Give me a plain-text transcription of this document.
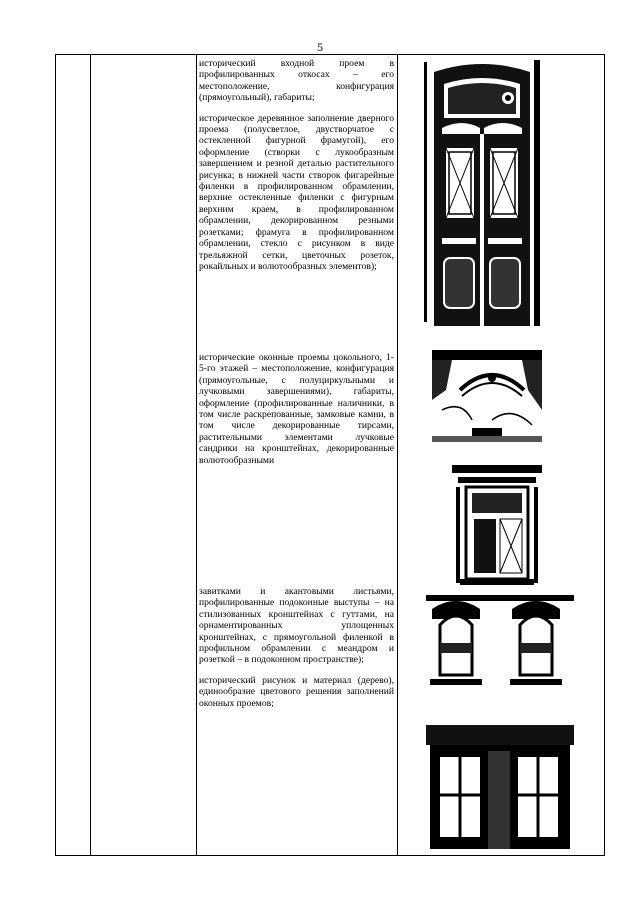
5

исторический входной проем в профилированных откосах – его местоположение, конфигурация (прямоугольный), габариты;

историческое деревянное заполнение дверного проема (полусветлое, двустворчатое с остекленной фигурной фрамугой), его оформление (створки с лукообразным завершением и резной деталью растительного рисунка; в нижней части створок фигарейные филенки в профилированном обрамлении, верхние остекленные филенки с фигурным верхним краем, в профилированном обрамлении, декорированном резными розетками; фрамуга в профилированном обрамлении, стекло с рисунком в виде трельяжной сетки, цветочных розеток, рокайльных и волютообразных элементов);

исторические оконные проемы цокольного, 1-5-го этажей – местоположение, конфигурация (прямоугольные, с полуциркульными и лучковыми завершениями), габариты, оформление (профилированные наличники, в том числе раскрепованные, замковые камни, в том числе декорированные тирсами, растительными элементами лучковые сандрики на кронштейнах, декорированные волютообразными

завитками и акантовыми листьями, профилированные подоконные выступы – на стилизованных кронштейнах с гуттами, на орнаментированных уплощенных кронштейнах, с прямоугольной филенкой в профильном обрамлении с меандром и розеткой – в подоконном пространстве);

исторический рисунок и материал (дерево), единообразие цветового решения заполнений оконных проемов;
